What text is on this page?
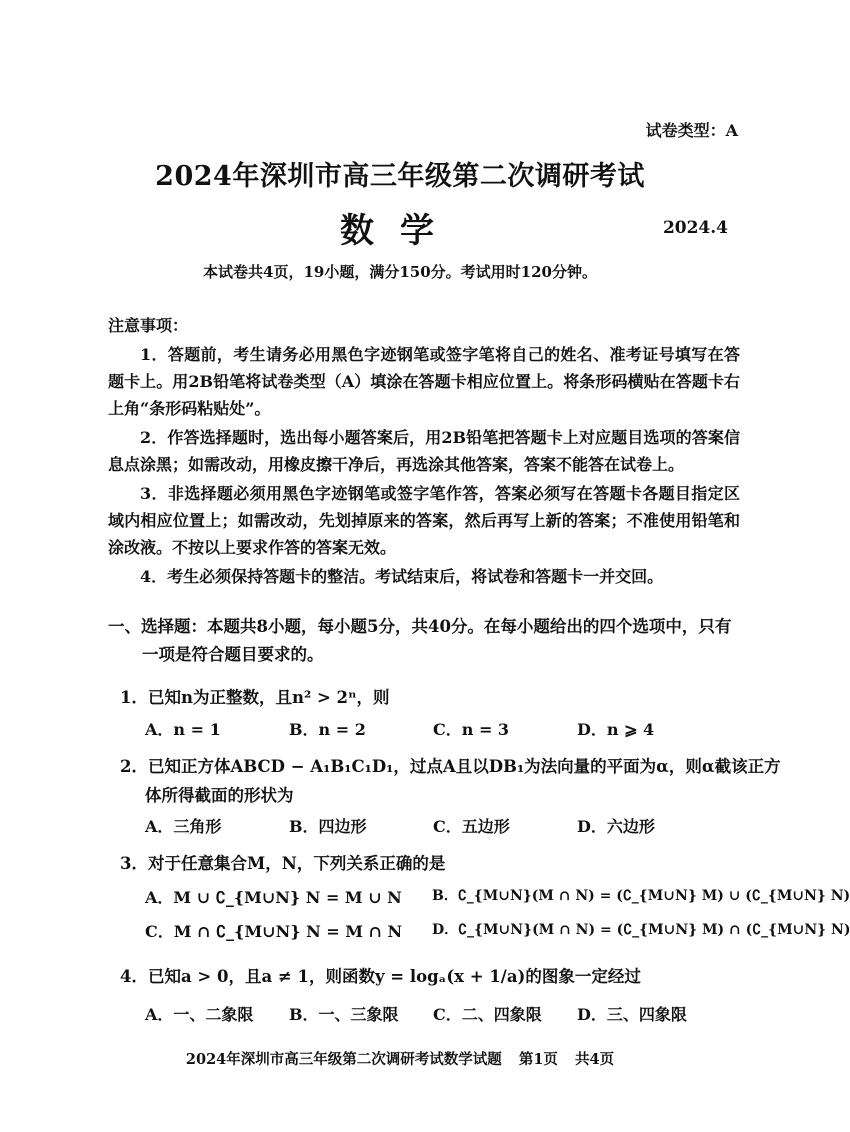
试卷类型：A
2024年深圳市高三年级第二次调研考试
数学	2024.4
本试卷共4页，19小题，满分150分。考试用时120分钟。
注意事项：
1．答题前，考生请务必用黑色字迹钢笔或签字笔将自己的姓名、准考证号填写在答题卡上。用2B铅笔将试卷类型（A）填涂在答题卡相应位置上。将条形码横贴在答题卡右上角“条形码粘贴处”。
2．作答选择题时，选出每小题答案后，用2B铅笔把答题卡上对应题目选项的答案信息点涂黑；如需改动，用橡皮擦干净后，再选涂其他答案，答案不能答在试卷上。
3．非选择题必须用黑色字迹钢笔或签字笔作答，答案必须写在答题卡各题目指定区域内相应位置上；如需改动，先划掉原来的答案，然后再写上新的答案；不准使用铅笔和涂改液。不按以上要求作答的答案无效。
4．考生必须保持答题卡的整洁。考试结束后，将试卷和答题卡一并交回。
一、选择题：本题共8小题，每小题5分，共40分。在每小题给出的四个选项中，只有
一项是符合题目要求的。
1．已知n为正整数，且n² > 2ⁿ，则
A．n = 1	B．n = 2	C．n = 3	D．n ⩾ 4
2．已知正方体ABCD − A₁B₁C₁D₁，过点A且以DB₁为法向量的平面为α，则α截该正方
体所得截面的形状为
A．三角形	B．四边形	C．五边形	D．六边形
3．对于任意集合M，N，下列关系正确的是
A．M ∪ ∁_{M∪N} N = M ∪ N B．∁_{M∪N}(M ∩ N) = (∁_{M∪N} M) ∪ (∁_{M∪N} N)
C．M ∩ ∁_{M∪N} N = M ∩ N D．∁_{M∪N}(M ∩ N) = (∁_{M∪N} M) ∩ (∁_{M∪N} N)
4．已知a > 0，且a ≠ 1，则函数y = logₐ(x + 1/a)的图象一定经过
A．一、二象限 B．一、三象限 C．二、四象限 D．三、四象限
2024年深圳市高三年级第二次调研考试数学试题 第1页 共4页
